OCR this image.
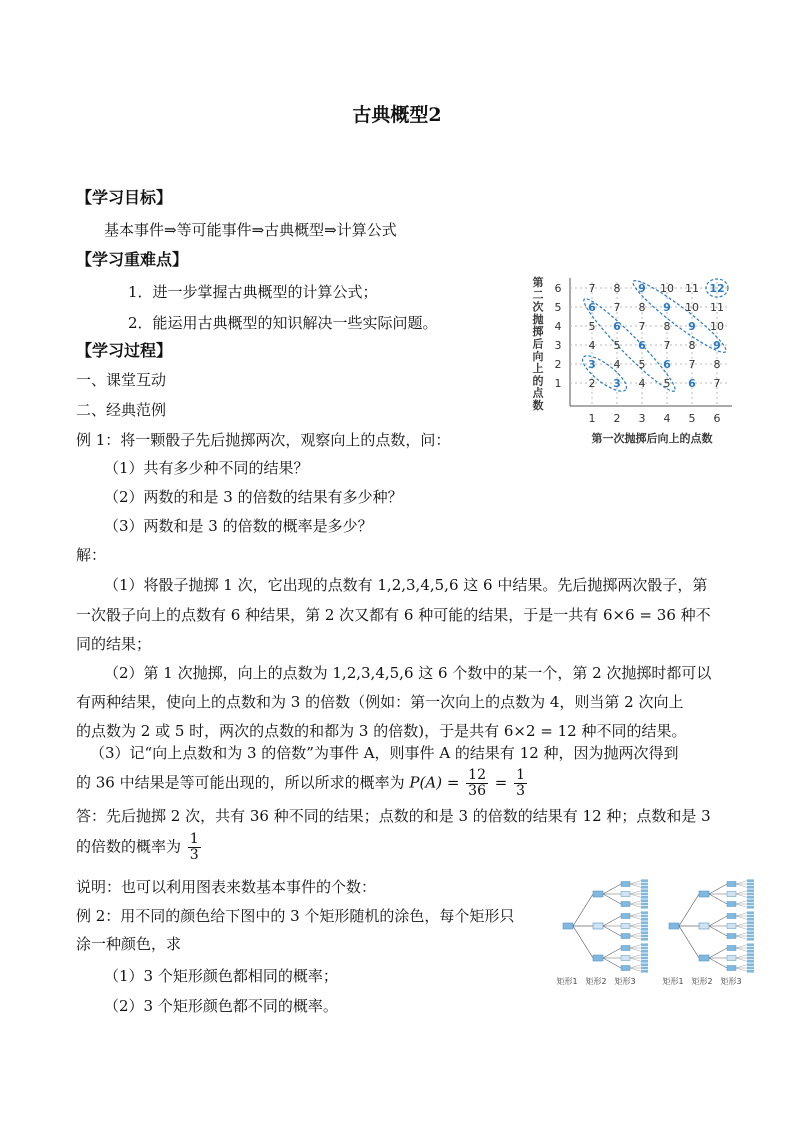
古典概型2
【学习目标】
基本事件⇒等可能事件⇒古典概型⇒计算公式
【学习重难点】
1．进一步掌握古典概型的计算公式；
2．能运用古典概型的知识解决一些实际问题。
【学习过程】
一、课堂互动
二、经典范例
例 1：将一颗骰子先后抛掷两次，观察向上的点数，问：
（1）共有多少种不同的结果？
（2）两数的和是 3 的倍数的结果有多少种？
（3）两数和是 3 的倍数的概率是多少？
解：
（1）将骰子抛掷 1 次，它出现的点数有 1,2,3,4,5,6 这 6 中结果。先后抛掷两次骰子，第
一次骰子向上的点数有 6 种结果，第 2 次又都有 6 种可能的结果，于是一共有 6×6 = 36 种不
同的结果；
（2）第 1 次抛掷，向上的点数为 1,2,3,4,5,6 这 6 个数中的某一个，第 2 次抛掷时都可以
有两种结果，使向上的点数和为 3 的倍数（例如：第一次向上的点数为 4，则当第 2 次向上
的点数为 2 或 5 时，两次的点数的和都为 3 的倍数)，于是共有 6×2 = 12 种不同的结果。
（3）记“向上点数和为 3 的倍数”为事件 A，则事件 A 的结果有 12 种，因为抛两次得到
的 36 中结果是等可能出现的，所以所求的概率为 $P(A) = \frac{12}{36} = \frac{1}{3}$
答：先后抛掷 2 次，共有 36 种不同的结果；点数的和是 3 的倍数的结果有 12 种；点数和是 3
的倍数的概率为 $\frac{1}{3}$
说明：也可以利用图表来数基本事件的个数：
例 2：用不同的颜色给下图中的 3 个矩形随机的涂色，每个矩形只
涂一种颜色，求
（1）3 个矩形颜色都相同的概率；
（2）3 个矩形颜色都不同的概率。
第
二
次
抛
掷
后
向
上
的
点
数
6
5
4
3
2
1
1 2 3 4 5 6
第一次抛掷后向上的点数
7 8 9 10 11 12
6 7 8 9 10 11
5 6 7 8 9 10
4 5 6 7 8 9
3 4 5 6 7 8
2 3 4 5 6 7
矩形1 矩形2 矩形3	矩形1 矩形2 矩形3
